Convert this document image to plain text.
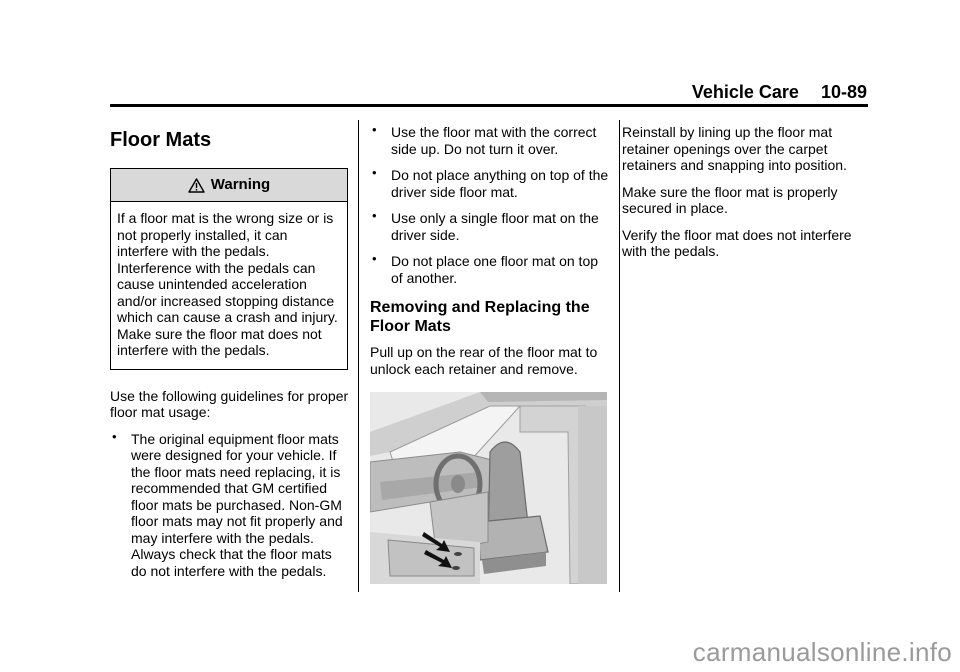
Vehicle Care 10-89
Floor Mats
Warning
If a floor mat is the wrong size or is not properly installed, it can interfere with the pedals. Interference with the pedals can cause unintended acceleration and/or increased stopping distance which can cause a crash and injury. Make sure the floor mat does not interfere with the pedals.

Use the following guidelines for proper floor mat usage:

• The original equipment floor mats were designed for your vehicle. If the floor mats need replacing, it is recommended that GM certified floor mats be purchased. Non-GM floor mats may not fit properly and may interfere with the pedals. Always check that the floor mats do not interfere with the pedals.
• Use the floor mat with the correct side up. Do not turn it over.
• Do not place anything on top of the driver side floor mat.
• Use only a single floor mat on the driver side.
• Do not place one floor mat on top of another.
Removing and Replacing the Floor Mats

Pull up on the rear of the floor mat to unlock each retainer and remove.

Reinstall by lining up the floor mat retainer openings over the carpet retainers and snapping into position.

Make sure the floor mat is properly secured in place.

Verify the floor mat does not interfere with the pedals.

carmanualsonline.info
